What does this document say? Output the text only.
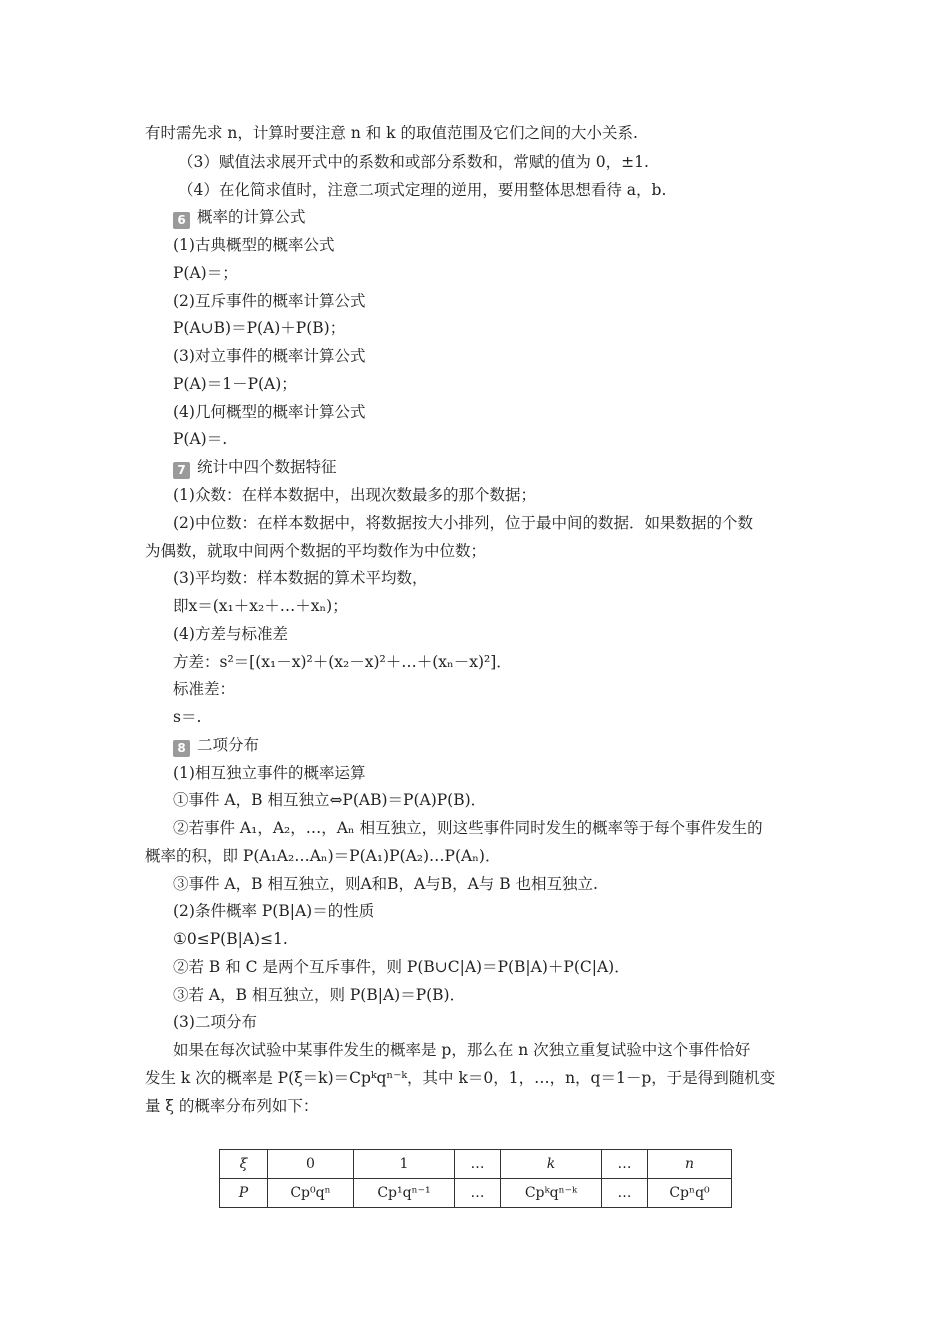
有时需先求 n，计算时要注意 n 和 k 的取值范围及它们之间的大小关系.
（3）赋值法求展开式中的系数和或部分系数和，常赋的值为 0，±1.
（4）在化简求值时，注意二项式定理的逆用，要用整体思想看待 a，b.
6 概率的计算公式
(1)古典概型的概率公式
P(A)＝；
(2)互斥事件的概率计算公式
P(A∪B)＝P(A)＋P(B)；
(3)对立事件的概率计算公式
P(A)＝1－P(A)；
(4)几何概型的概率计算公式
P(A)＝.
7 统计中四个数据特征
(1)众数：在样本数据中，出现次数最多的那个数据；
(2)中位数：在样本数据中，将数据按大小排列，位于最中间的数据．如果数据的个数
为偶数，就取中间两个数据的平均数作为中位数；
(3)平均数：样本数据的算术平均数，
即x＝(x₁＋x₂＋…＋xₙ)；
(4)方差与标准差
方差：s²＝[(x₁－x)²＋(x₂－x)²＋…＋(xₙ－x)²]．
标准差：
s＝.
8 二项分布
(1)相互独立事件的概率运算
①事件 A，B 相互独立⇔P(AB)＝P(A)P(B)．
②若事件 A₁，A₂，…，Aₙ 相互独立，则这些事件同时发生的概率等于每个事件发生的
概率的积，即 P(A₁A₂…Aₙ)＝P(A₁)P(A₂)…P(Aₙ)．
③事件 A，B 相互独立，则A和B，A与B，A与 B 也相互独立.
(2)条件概率 P(B|A)＝的性质
①0≤P(B|A)≤1.
②若 B 和 C 是两个互斥事件，则 P(B∪C|A)＝P(B|A)＋P(C|A)．
③若 A，B 相互独立，则 P(B|A)＝P(B)．
(3)二项分布
如果在每次试验中某事件发生的概率是 p，那么在 n 次独立重复试验中这个事件恰好
发生 k 次的概率是 P(ξ＝k)＝Cpᵏqⁿ⁻ᵏ，其中 k＝0，1，…，n，q＝1－p，于是得到随机变
量 ξ 的概率分布列如下：
ξ	0	1	…	k	…	n
P	Cp⁰qⁿ	Cp¹qⁿ⁻¹	…	Cpᵏqⁿ⁻ᵏ	…	Cpⁿq⁰
